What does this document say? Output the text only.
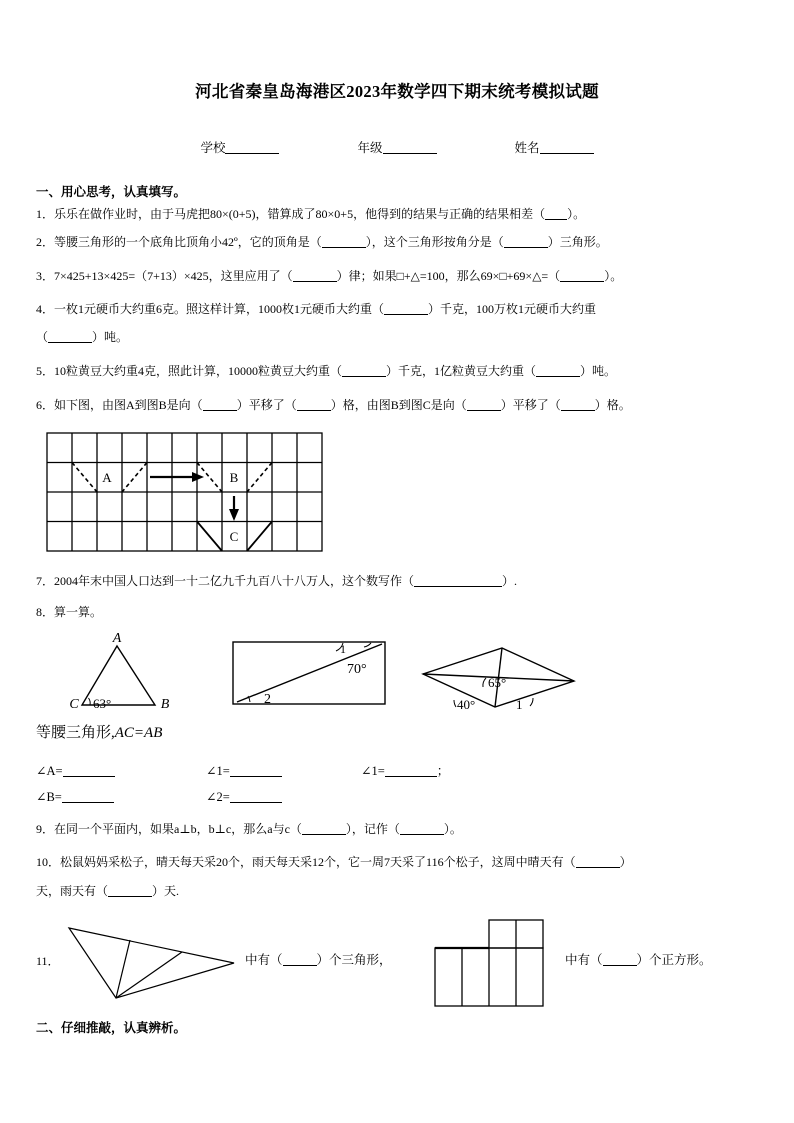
河北省秦皇岛海港区2023年数学四下期末统考模拟试题
学校	年级	姓名
一、用心思考，认真填写。
1．乐乐在做作业时，由于马虎把80×(0+5)，错算成了80×0+5，他得到的结果与正确的结果相差（ ）。
2．等腰三角形的一个底角比顶角小42º，它的顶角是（	），这个三角形按角分是（	）三角形。
3．7×425+13×425=（7+13）×425，这里应用了（	）律；如果□+△=100，那么69×□+69×△=（	）。
4．一枚1元硬币大约重6克。照这样计算，1000枚1元硬币大约重（	）千克，100万枚1元硬币大约重
（	）吨。
5．10粒黄豆大约重4克，照此计算，10000粒黄豆大约重（	）千克，1亿粒黄豆大约重（	）吨。
6．如下图，由图A到图B是向（	）平移了（	）格，由图B到图C是向（	）平移了（	）格。
A	B
C
7．2004年末中国人口达到一十二亿九千九百八十八万人，这个数写作（	）.
8．算一算。
A
C	B
63°
等腰三角形,AC=AB
1
70°
2
65°
40°	1
∠A=	∠1=	∠1=	；
∠B=	∠2=
9．在同一个平面内，如果a⊥b，b⊥c，那么a与c（	），记作（	）。
10．松鼠妈妈采松子，晴天每天采20个，雨天每天采12个，它一周7天采了116个松子，这周中晴天有（	）
天，雨天有（	）天.
11．	中有（	）个三角形，	中有（	）个正方形。
二、仔细推敲，认真辨析。
